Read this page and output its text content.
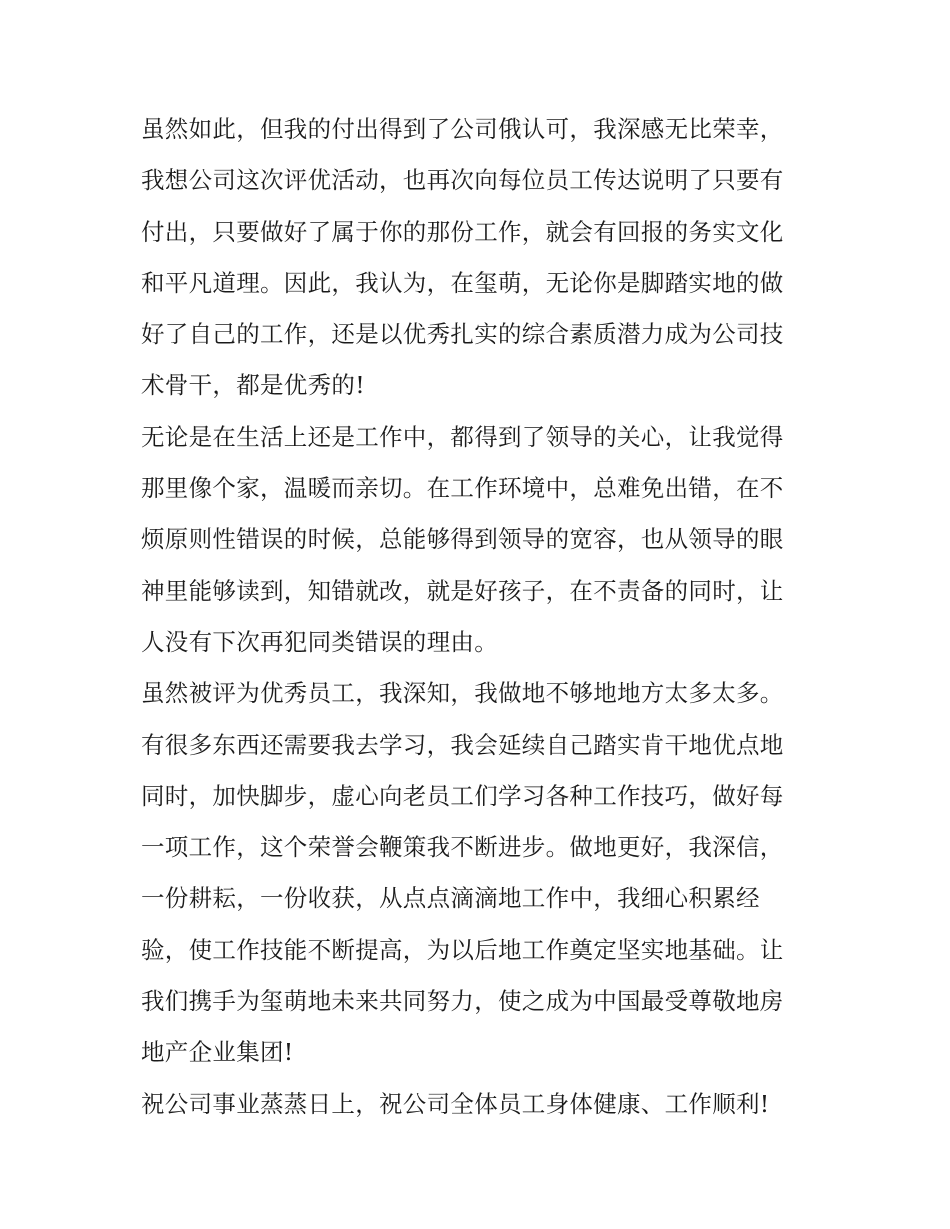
虽然如此，但我的付出得到了公司俄认可，我深感无比荣幸，
我想公司这次评优活动，也再次向每位员工传达说明了只要有
付出，只要做好了属于你的那份工作，就会有回报的务实文化
和平凡道理。因此，我认为，在玺萌，无论你是脚踏实地的做
好了自己的工作，还是以优秀扎实的综合素质潜力成为公司技
术骨干，都是优秀的!
无论是在生活上还是工作中，都得到了领导的关心，让我觉得
那里像个家，温暖而亲切。在工作环境中，总难免出错，在不
烦原则性错误的时候，总能够得到领导的宽容，也从领导的眼
神里能够读到，知错就改，就是好孩子，在不责备的同时，让
人没有下次再犯同类错误的理由。
虽然被评为优秀员工，我深知，我做地不够地地方太多太多。
有很多东西还需要我去学习，我会延续自己踏实肯干地优点地
同时，加快脚步，虚心向老员工们学习各种工作技巧，做好每
一项工作，这个荣誉会鞭策我不断进步。做地更好，我深信，
一份耕耘，一份收获，从点点滴滴地工作中，我细心积累经
验，使工作技能不断提高，为以后地工作奠定坚实地基础。让
我们携手为玺萌地未来共同努力，使之成为中国最受尊敬地房
地产企业集团!
祝公司事业蒸蒸日上，祝公司全体员工身体健康、工作顺利!
